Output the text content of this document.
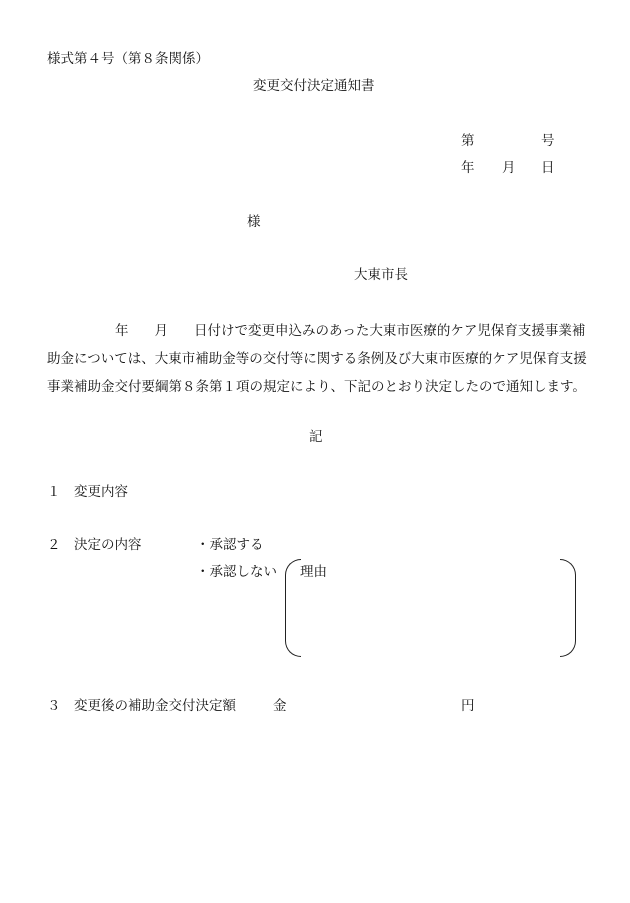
様式第４号（第８条関係）
変更交付決定通知書
第	号
年 月 日
様
大東市長

年 月 日付けで変更申込みのあった大東市医療的ケア児保育支援事業補

助金については、大東市補助金等の交付等に関する条例及び大東市医療的ケア児保育支援

事業補助金交付要綱第８条第１項の規定により、下記のとおり決定したので通知します。

記
１ 変更内容
２ 決定の内容	・承認する
・承認しない 理由
３ 変更後の補助金交付決定額	金	円
